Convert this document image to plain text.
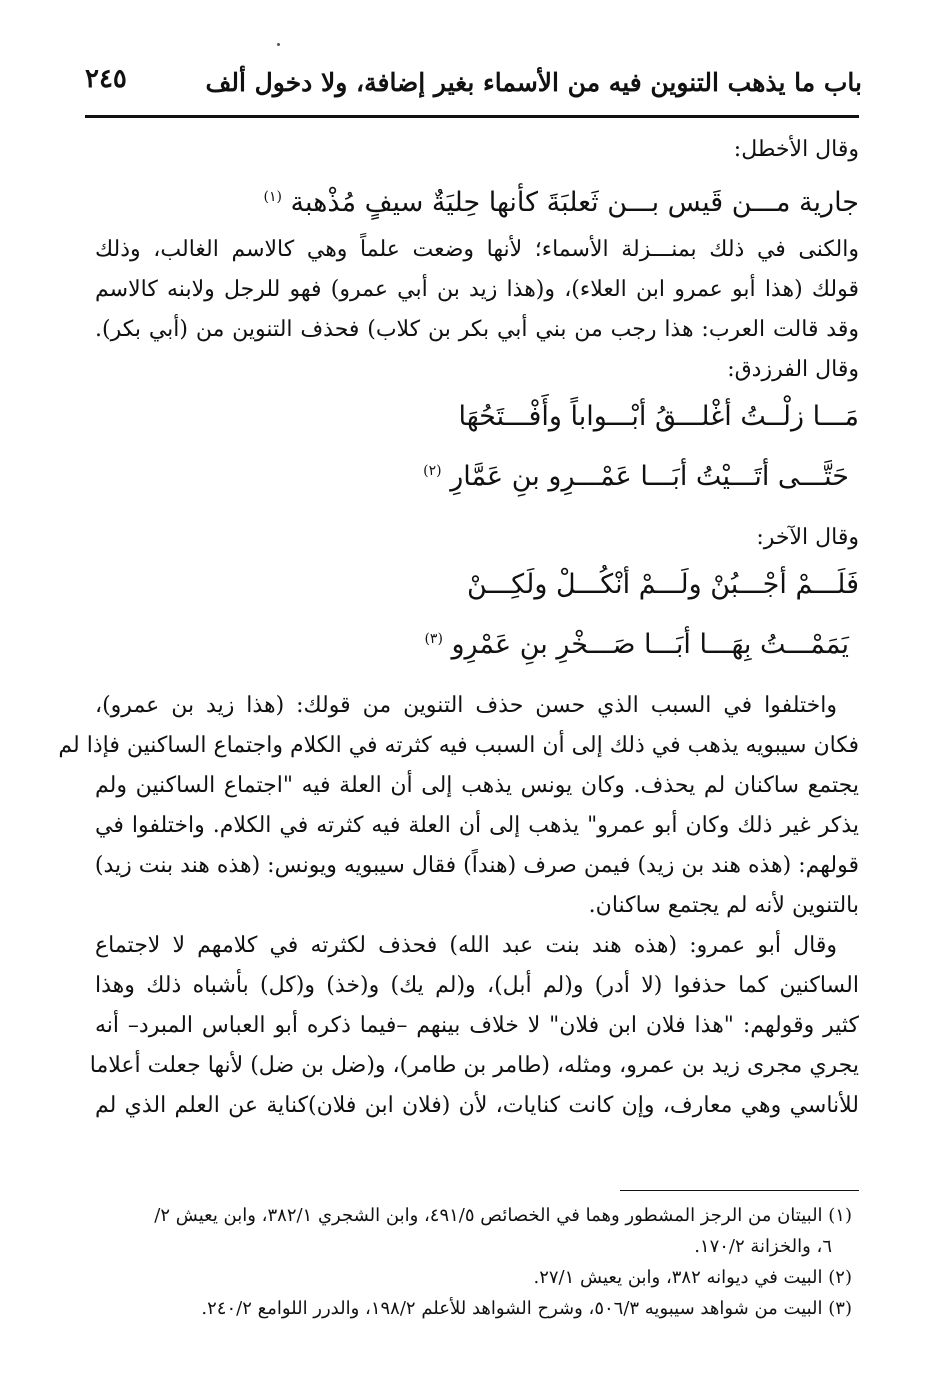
باب ما يذهب التنوين فيه من الأسماء بغير إضافة، ولا دخول ألف
٢٤٥
وقال الأخطل:
جارية مـــن قَيس بـــن ثَعلبَةَ كأنها حِليَةٌ سيفٍ مُذْهبة $^{(١)}$
والكنى في ذلك بمنـــزلة الأسماء؛ لأنها وضعت علماً وهي كالاسم الغالب، وذلك
قولك (هذا أبو عمرو ابن العلاء)، و(هذا زيد بن أبي عمرو) فهو للرجل ولابنه كالاسم
وقد قالت العرب: هذا رجب من بني أبي بكر بن كلاب) فحذف التنوين من (أبي بكر).
وقال الفرزدق:
مَـــا زلْــتُ أغْلـــقُ أبْـــواباً وأَفْـــتَحُهَا
حَتَّـــى أتَـــيْتُ أبَـــا عَمْـــرِو بنِ عَمَّارِ $^{(٢)}$
وقال الآخر:
فَلَـــمْ أجْـــبُنْ ولَـــمْ أنْكُـــلْ ولَكِـــنْ
يَمَمْـــتُ بِهَـــا أبَـــا صَـــخْرِ بنِ عَمْرِو $^{(٣)}$
واختلفوا في السبب الذي حسن حذف التنوين من قولك: (هذا زيد بن عمرو)،
فكان سيبويه يذهب في ذلك إلى أن السبب فيه كثرته في الكلام واجتماع الساكنين فإذا لم
يجتمع ساكنان لم يحذف. وكان يونس يذهب إلى أن العلة فيه "اجتماع الساكنين ولم
يذكر غير ذلك وكان أبو عمرو" يذهب إلى أن العلة فيه كثرته في الكلام. واختلفوا في
قولهم: (هذه هند بن زيد) فيمن صرف (هنداً) فقال سيبويه ويونس: (هذه هند بنت زيد)
بالتنوين لأنه لم يجتمع ساكنان.
وقال أبو عمرو: (هذه هند بنت عبد الله) فحذف لكثرته في كلامهم لا لاجتماع
الساكنين كما حذفوا (لا أدر) و(لم أبل)، و(لم يك) و(خذ) و(كل) بأشباه ذلك وهذا
كثير وقولهم: "هذا فلان ابن فلان" لا خلاف بينهم –فيما ذكره أبو العباس المبرد– أنه
يجري مجرى زيد بن عمرو، ومثله، (طامر بن طامر)، و(ضل بن ضل) لأنها جعلت أعلاما
للأناسي وهي معارف، وإن كانت كنايات، لأن (فلان ابن فلان)كناية عن العلم الذي لم
(١) البيتان من الرجز المشطور وهما في الخصائص ٤٩١/٥، وابن الشجري ٣٨٢/١، وابن يعيش ٢/
٦، والخزانة ١٧٠/٢.
(٢) البيت في ديوانه ٣٨٢، وابن يعيش ٢٧/١.
(٣) البيت من شواهد سيبويه ٥٠٦/٣، وشرح الشواهد للأعلم ١٩٨/٢، والدرر اللوامع ٢٤٠/٢.
